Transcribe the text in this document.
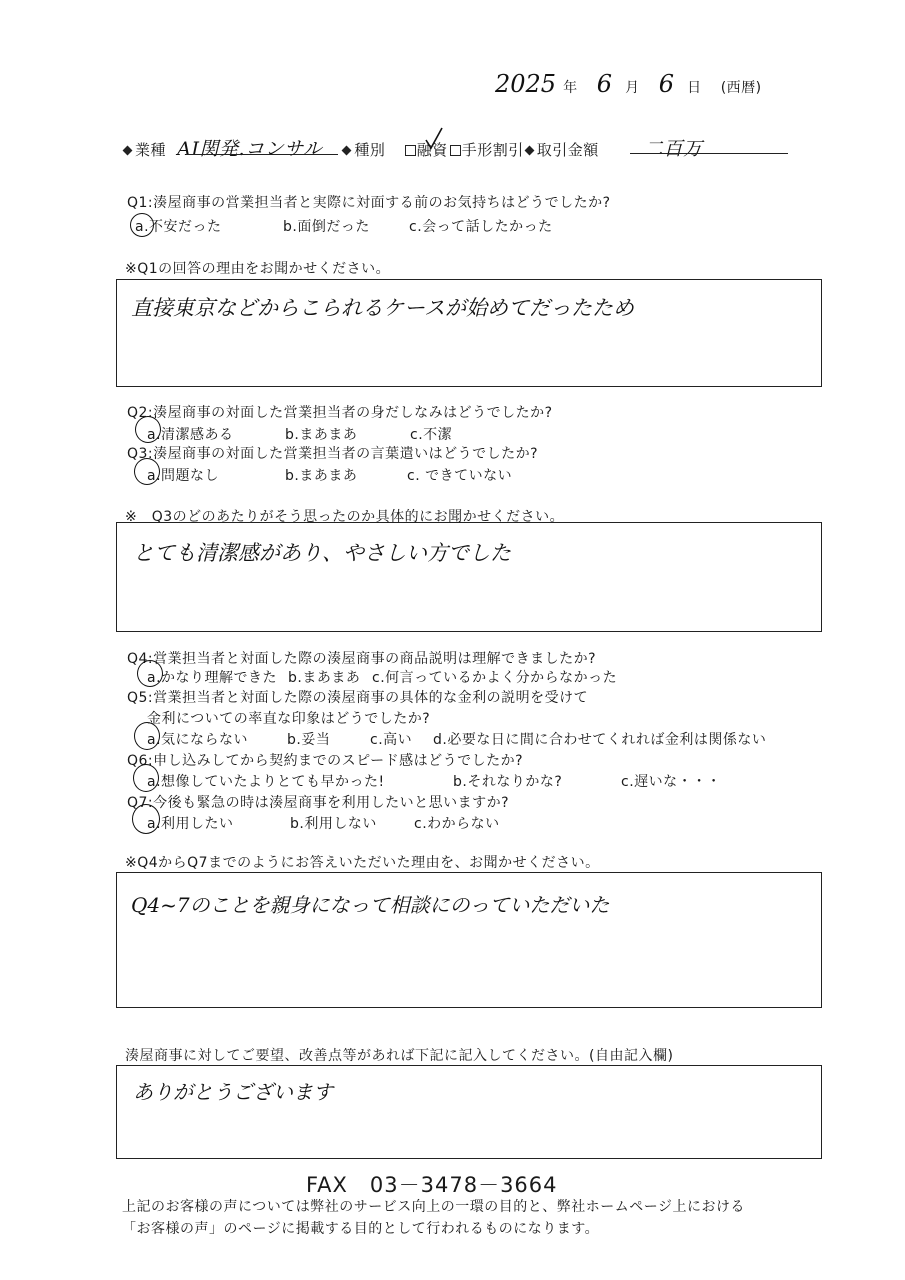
2025 年 6 月 6 日 (西暦)
業種 AI関発.コンサル 種別 融資 手形割引 取引金額 二百万
Q1:湊屋商事の営業担当者と実際に対面する前のお気持ちはどうでしたか?
a.不安だった	b.面倒だった	c.会って話したかった
※Q1の回答の理由をお聞かせください。
直接東京などからこられるケースが始めてだったため
Q2:湊屋商事の対面した営業担当者の身だしなみはどうでしたか?
a.清潔感ある	b.まあまあ	c.不潔
Q3:湊屋商事の対面した営業担当者の言葉遣いはどうでしたか?
a.問題なし	b.まあまあ	c. できていない
※　Q3のどのあたりがそう思ったのか具体的にお聞かせください。
とても清潔感があり、やさしい方でした
Q4:営業担当者と対面した際の湊屋商事の商品説明は理解できましたか?
a.かなり理解できた b.まあまあ c.何言っているかよく分からなかった
Q5:営業担当者と対面した際の湊屋商事の具体的な金利の説明を受けて
金利についての率直な印象はどうでしたか?
a.気にならない	b.妥当	c.高い d.必要な日に間に合わせてくれれば金利は関係ない
Q6:申し込みしてから契約までのスピード感はどうでしたか?
a.想像していたよりとても早かった!	b.それなりかな?	c.遅いな・・・
Q7:今後も緊急の時は湊屋商事を利用したいと思いますか?
a.利用したい	b.利用しない	c.わからない
※Q4からQ7までのようにお答えいただいた理由を、お聞かせください。
Q4~7のことを親身になって相談にのっていただいた
湊屋商事に対してご要望、改善点等があれば下記に記入してください。(自由記入欄)
ありがとうございます
FAX　03－3478－3664
上記のお客様の声については弊社のサービス向上の一環の目的と、弊社ホームページ上における
「お客様の声」のページに掲載する目的として行われるものになります。
